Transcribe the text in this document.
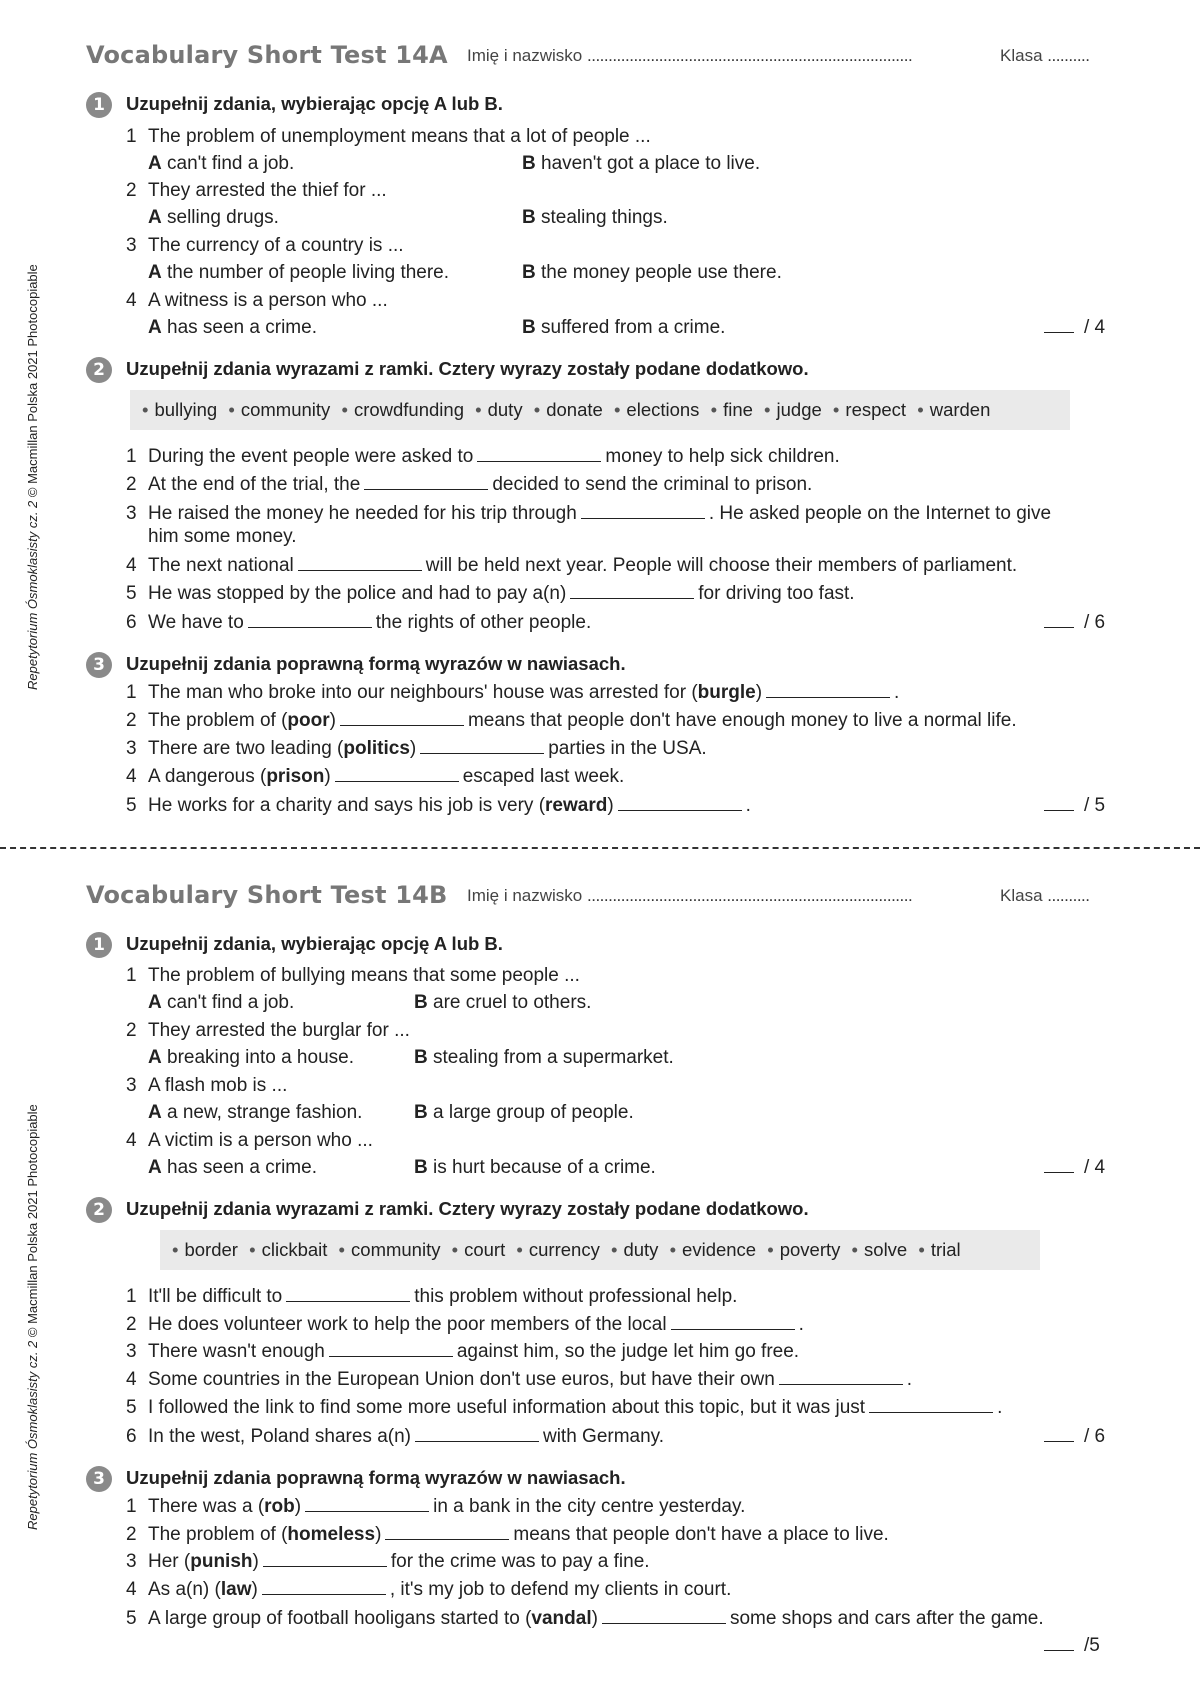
Repetytorium Ósmoklasisty cz. 2 © Macmillan Polska 2021 Photocopiable
Repetytorium Ósmoklasisty cz. 2 © Macmillan Polska 2021 Photocopiable
Vocabulary Short Test 14A Imię i nazwisko .............................................................................	Klasa ..........
1	Uzupełnij zdania, wybierając opcję A lub B.
1 The problem of unemployment means that a lot of people ...
A can't find a job.	B haven't got a place to live.
2 They arrested the thief for ...
A selling drugs.	B stealing things.
3 The currency of a country is ...
A the number of people living there.	B the money people use there.
4 A witness is a person who ...
A has seen a crime.	B suffered from a crime.	/ 4
2	Uzupełnij zdania wyrazami z ramki. Cztery wyrazy zostały podane dodatkowo.
• bullying • community • crowdfunding • duty • donate • elections • fine • judge • respect • warden
1 During the event people were asked to	money to help sick children.
2 At the end of the trial, the	decided to send the criminal to prison.
3 He raised the money he needed for his trip through	. He asked people on the Internet to give
him some money.
4 The next national	will be held next year. People will choose their members of parliament.
5 He was stopped by the police and had to pay a(n)	for driving too fast.
6 We have to	the rights of other people.	/ 6
3	Uzupełnij zdania poprawną formą wyrazów w nawiasach.
1 The man who broke into our neighbours' house was arrested for (burgle)	.
2 The problem of (poor)	means that people don't have enough money to live a normal life.
3 There are two leading (politics)	parties in the USA.
4 A dangerous (prison)	escaped last week.
5 He works for a charity and says his job is very (reward)	.	/ 5
Vocabulary Short Test 14B Imię i nazwisko .............................................................................	Klasa ..........
1	Uzupełnij zdania, wybierając opcję A lub B.
1 The problem of bullying means that some people ...
A can't find a job.	B are cruel to others.
2 They arrested the burglar for ...
A breaking into a house.	B stealing from a supermarket.
3 A flash mob is ...
A a new, strange fashion.	B a large group of people.
4 A victim is a person who ...
A has seen a crime.	B is hurt because of a crime.	/ 4
2	Uzupełnij zdania wyrazami z ramki. Cztery wyrazy zostały podane dodatkowo.
• border • clickbait • community • court • currency • duty • evidence • poverty • solve • trial
1 It'll be difficult to	this problem without professional help.
2 He does volunteer work to help the poor members of the local	.
3 There wasn't enough	against him, so the judge let him go free.
4 Some countries in the European Union don't use euros, but have their own	.
5 I followed the link to find some more useful information about this topic, but it was just	.
6 In the west, Poland shares a(n)	with Germany.	/ 6
3	Uzupełnij zdania poprawną formą wyrazów w nawiasach.
1 There was a (rob)	in a bank in the city centre yesterday.
2 The problem of (homeless)	means that people don't have a place to live.
3 Her (punish)	for the crime was to pay a fine.
4 As a(n) (law)	, it's my job to defend my clients in court.
5 A large group of football hooligans started to (vandal)	some shops and cars after the game.
/5
